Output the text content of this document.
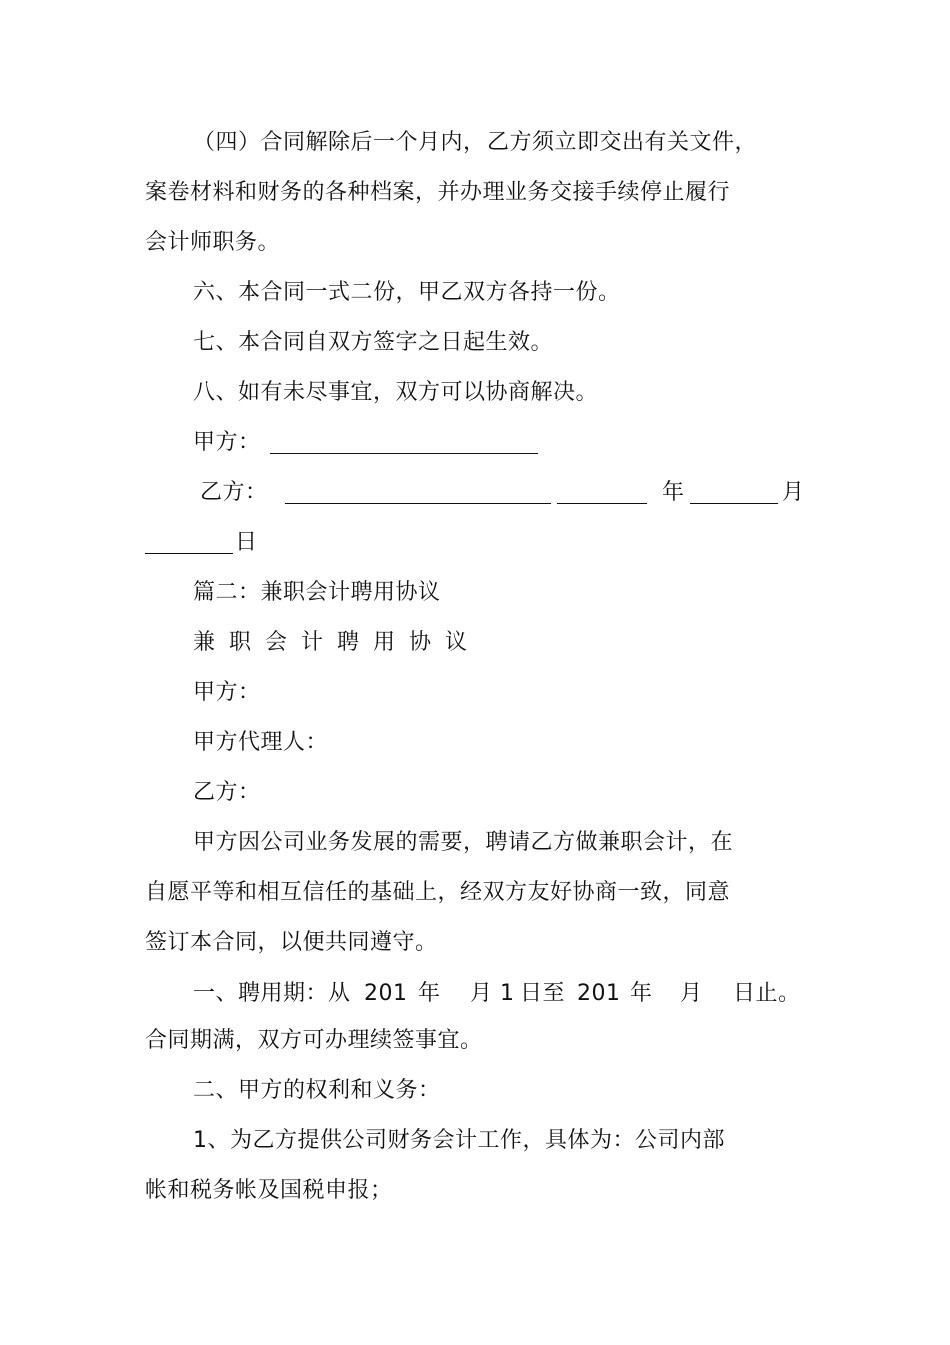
（四）合同解除后一个月内， 乙方须立即交出有关文件，
案卷材料和财务的各种档案，并办理业务交接手续停止履行
会计师职务。
六、本合同一式二份，甲乙双方各持一份。
七、本合同自双方签字之日起生效。
八、如有未尽事宜，双方可以协商解决。
甲方：
乙方：	年	月
日
篇二：兼职会计聘用协议
兼职会计聘用协议
甲方：
甲方代理人：
乙方：
甲方因公司业务发展的需要，聘请乙方做兼职会计，在
自愿平等和相互信任的基础上，经双方友好协商一致，同意
签订本合同，以便共同遵守。
一、聘用期：从 201 年 月 1 日至 201 年 月 日止。
合同期满，双方可办理续签事宜。
二、甲方的权利和义务：
1、为乙方提供公司财务会计工作，具体为：公司内部
帐和税务帐及国税申报；
